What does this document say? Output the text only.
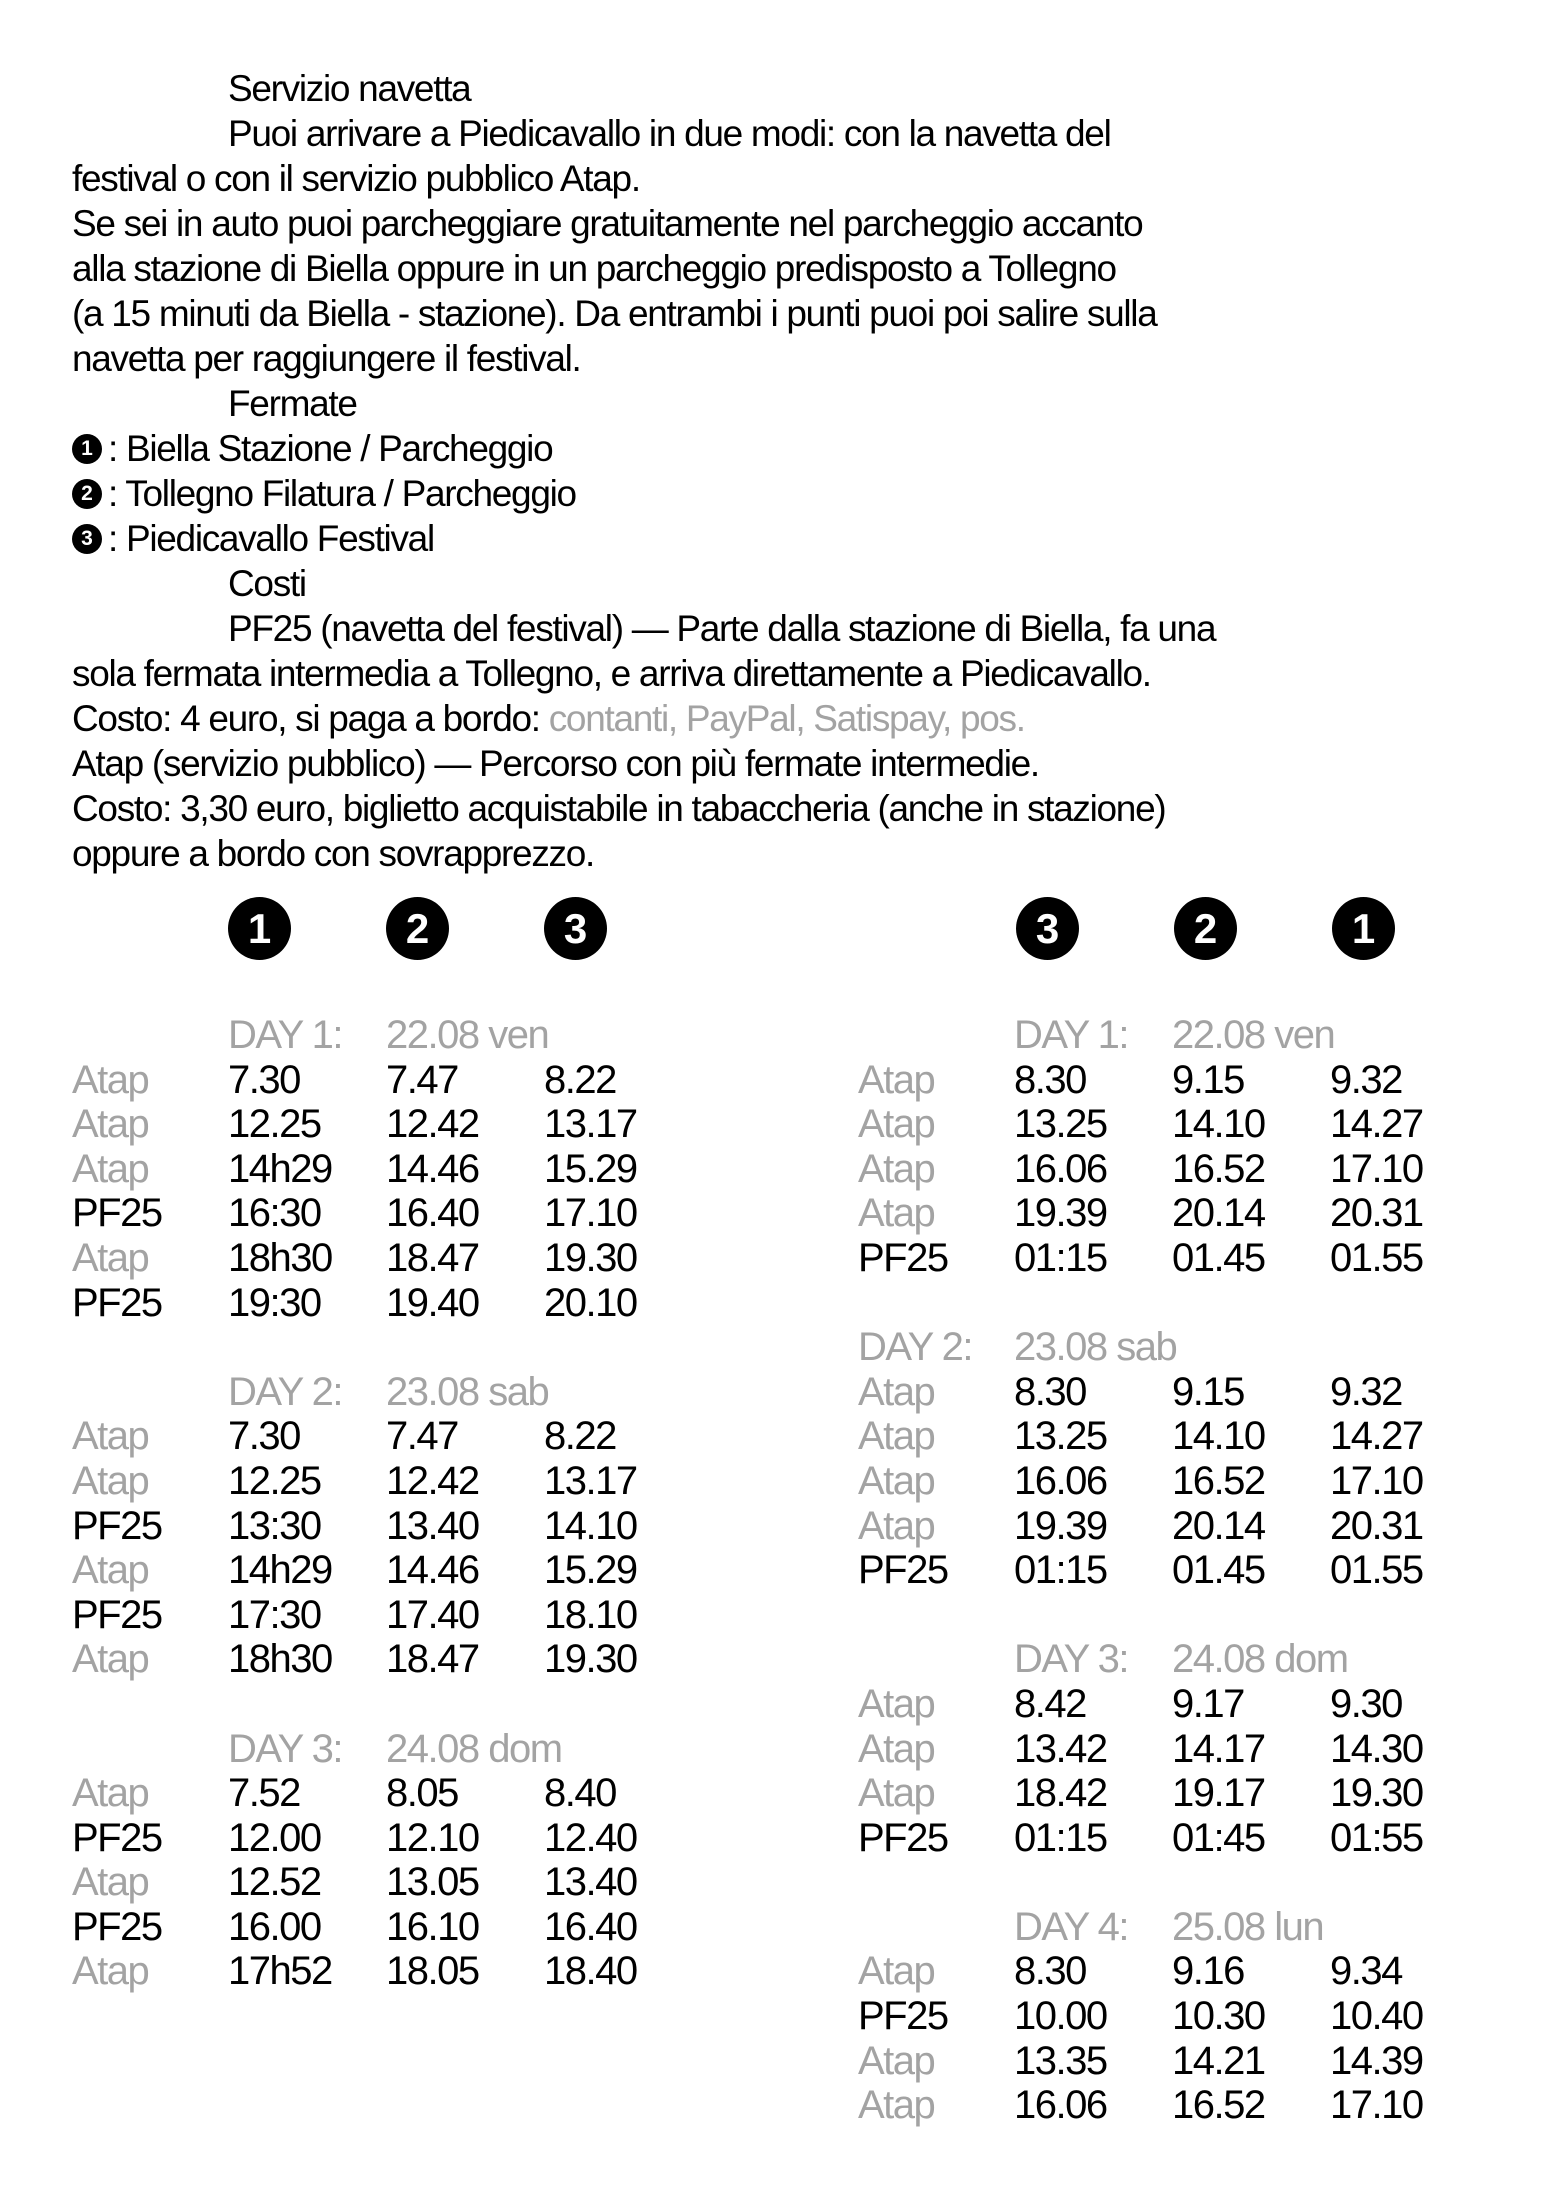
Servizio navetta

Puoi arrivare a Piedicavallo in due modi: con la navetta del

festival o con il servizio pubblico Atap.

Se sei in auto puoi parcheggiare gratuitamente nel parcheggio accanto

alla stazione di Biella oppure in un parcheggio predisposto a Tollegno

(a 15 minuti da Biella - stazione). Da entrambi i punti puoi poi salire sulla

navetta per raggiungere il festival.

Fermate

1 : Biella Stazione / Parcheggio

2 : Tollegno Filatura / Parcheggio

3 : Piedicavallo Festival

Costi

PF25 (navetta del festival) — Parte dalla stazione di Biella, fa una

sola fermata intermedia a Tollegno, e arriva direttamente a Piedicavallo.

Costo: 4 euro, si paga a bordo: contanti, PayPal, Satispay, pos.

Atap (servizio pubblico) — Percorso con più fermate intermedie.

Costo: 3,30 euro, biglietto acquistabile in tabaccheria (anche in stazione)

oppure a bordo con sovrapprezzo.

1	2	3
DAY 1:	22.08 ven
Atap	7.30	7.47	8.22
Atap	12.25	12.42	13.17
Atap	14h29	14.46	15.29
PF25	16:30	16.40	17.10
Atap	18h30	18.47	19.30
PF25	19:30	19.40	20.10
DAY 2:	23.08 sab
Atap	7.30	7.47	8.22
Atap	12.25	12.42	13.17
PF25	13:30	13.40	14.10
Atap	14h29	14.46	15.29
PF25	17:30	17.40	18.10
Atap	18h30	18.47	19.30
DAY 3:	24.08 dom
Atap	7.52	8.05	8.40
PF25	12.00	12.10	12.40
Atap	12.52	13.05	13.40
PF25	16.00	16.10	16.40
Atap	17h52	18.05	18.40
3	2	1
DAY 1:	22.08 ven
Atap	8.30	9.15	9.32
Atap	13.25	14.10	14.27
Atap	16.06	16.52	17.10
Atap	19.39	20.14	20.31
PF25	01:15	01.45	01.55
DAY 2:	23.08 sab
Atap	8.30	9.15	9.32
Atap	13.25	14.10	14.27
Atap	16.06	16.52	17.10
Atap	19.39	20.14	20.31
PF25	01:15	01.45	01.55
DAY 3:	24.08 dom
Atap	8.42	9.17	9.30
Atap	13.42	14.17	14.30
Atap	18.42	19.17	19.30
PF25	01:15	01:45	01:55
DAY 4:	25.08 lun
Atap	8.30	9.16	9.34
PF25	10.00	10.30	10.40
Atap	13.35	14.21	14.39
Atap	16.06	16.52	17.10
